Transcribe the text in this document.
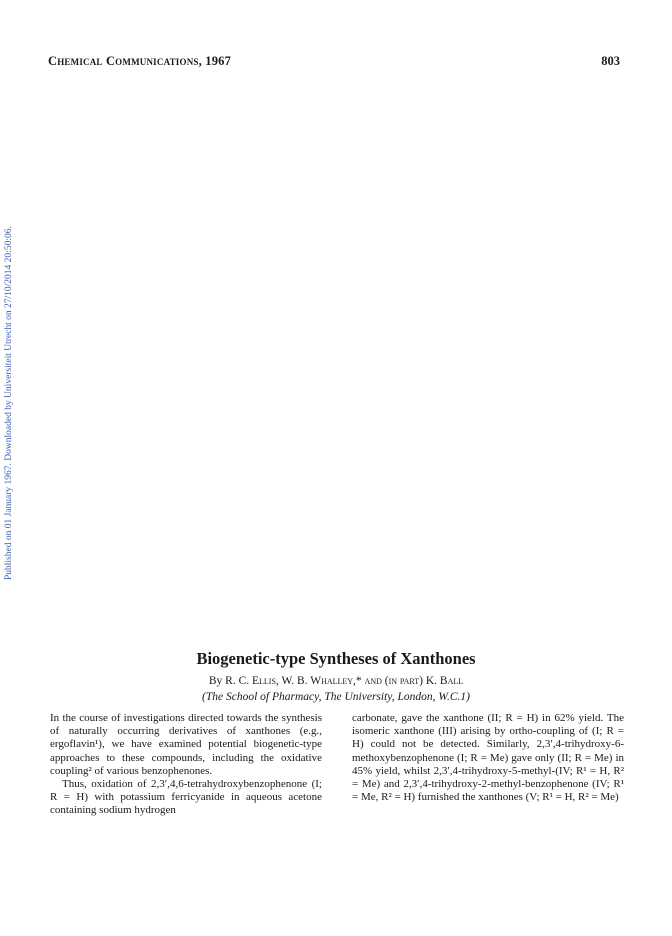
Chemical Communications, 1967	803
Published on 01 January 1967. Downloaded by Universiteit Utrecht on 27/10/2014 20:50:06.
Biogenetic-type Syntheses of Xanthones
By R. C. Ellis, W. B. Whalley,* and (in part) K. Ball
(The School of Pharmacy, The University, London, W.C.1)

In the course of investigations directed towards the synthesis of naturally occurring derivatives of xanthones (e.g., ergoflavin¹), we have examined potential biogenetic-type approaches to these compounds, including the oxidative coupling² of various benzophenones.

Thus, oxidation of 2,3′,4,6-tetrahydroxybenzophenone (I; R = H) with potassium ferricyanide in aqueous acetone containing sodium hydrogen

carbonate, gave the xanthone (II; R = H) in 62% yield. The isomeric xanthone (III) arising by ortho-coupling of (I; R = H) could not be detected. Similarly, 2,3′,4-trihydroxy-6-methoxybenzophenone (I; R = Me) gave only (II; R = Me) in 45% yield, whilst 2,3′,4-trihydroxy-5-methyl-(IV; R¹ = H, R² = Me) and 2,3′,4-trihydroxy-2-methyl-benzophenone (IV; R¹ = Me, R² = H) furnished the xanthones (V; R¹ = H, R² = Me)
